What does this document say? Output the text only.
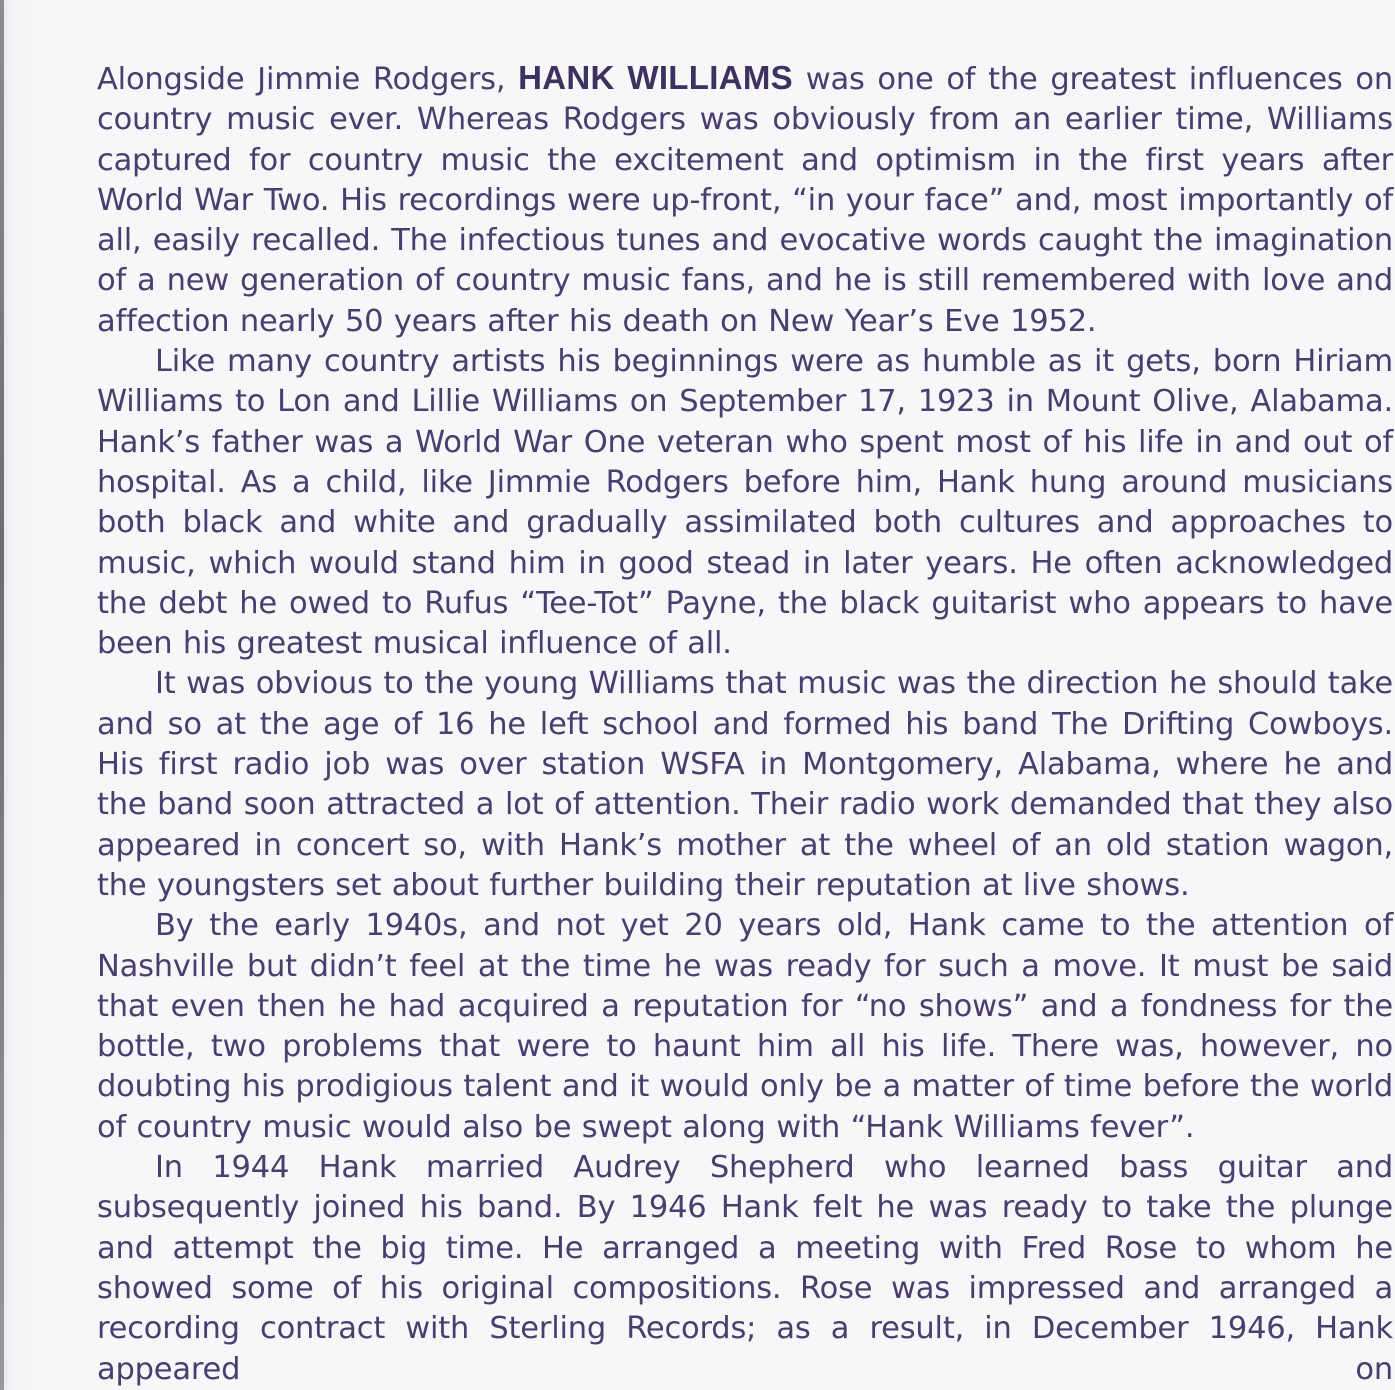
Alongside Jimmie Rodgers, HANK WILLIAMS was one of the greatest influences on country music ever. Whereas Rodgers was obviously from an earlier time, Williams captured for country music the excitement and optimism in the first years after World War Two. His recordings were up-front, “in your face” and, most importantly of all, easily recalled. The infectious tunes and evocative words caught the imagination of a new generation of country music fans, and he is still remembered with love and affection nearly 50 years after his death on New Year’s Eve 1952.

Like many country artists his beginnings were as humble as it gets, born Hiriam Williams to Lon and Lillie Williams on September 17, 1923 in Mount Olive, Alabama. Hank’s father was a World War One veteran who spent most of his life in and out of hospital. As a child, like Jimmie Rodgers before him, Hank hung around musicians both black and white and gradually assimilated both cultures and approaches to music, which would stand him in good stead in later years. He often acknowledged the debt he owed to Rufus “Tee-Tot” Payne, the black guitarist who appears to have been his greatest musical influence of all.

It was obvious to the young Williams that music was the direction he should take and so at the age of 16 he left school and formed his band The Drifting Cowboys. His first radio job was over station WSFA in Montgomery, Alabama, where he and the band soon attracted a lot of attention. Their radio work demanded that they also appeared in concert so, with Hank’s mother at the wheel of an old station wagon, the youngsters set about further building their reputation at live shows.

By the early 1940s, and not yet 20 years old, Hank came to the attention of Nashville but didn’t feel at the time he was ready for such a move. It must be said that even then he had acquired a reputation for “no shows” and a fondness for the bottle, two problems that were to haunt him all his life. There was, however, no doubting his prodigious talent and it would only be a matter of time before the world of country music would also be swept along with “Hank Williams fever”.

In 1944 Hank married Audrey Shepherd who learned bass guitar and subsequently joined his band. By 1946 Hank felt he was ready to take the plunge and attempt the big time. He arranged a meeting with Fred Rose to whom he showed some of his original compositions. Rose was impressed and arranged a recording contract with Sterling Records; as a result, in December 1946, Hank appeared on
